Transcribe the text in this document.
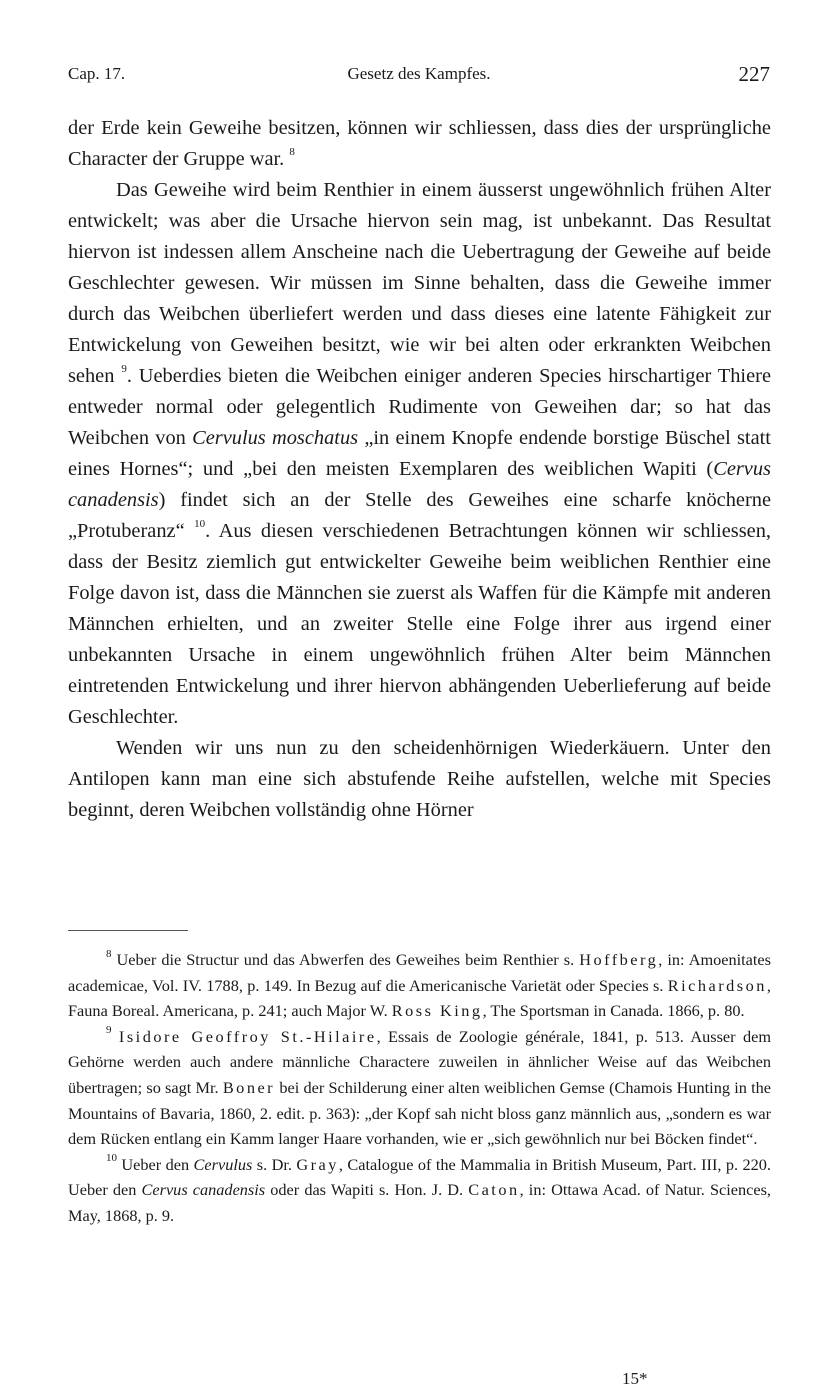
Cap. 17.	Gesetz des Kampfes.	227

der Erde kein Geweihe besitzen, können wir schliessen, dass dies der ursprüngliche Character der Gruppe war. $^8$

Das Geweihe wird beim Renthier in einem äusserst ungewöhnlich frühen Alter entwickelt; was aber die Ursache hiervon sein mag, ist unbekannt. Das Resultat hiervon ist indessen allem Anscheine nach die Uebertragung der Geweihe auf beide Geschlechter gewesen. Wir müssen im Sinne behalten, dass die Geweihe immer durch das Weibchen überliefert werden und dass dieses eine latente Fähigkeit zur Entwickelung von Geweihen besitzt, wie wir bei alten oder erkrankten Weibchen sehen $^9$. Ueberdies bieten die Weibchen einiger anderen Species hirschartiger Thiere entweder normal oder gelegentlich Rudimente von Geweihen dar; so hat das Weibchen von Cervulus moschatus „in einem Knopfe endende borstige Büschel statt eines Hornes“; und „bei den meisten Exemplaren des weiblichen Wapiti (Cervus canadensis) findet sich an der Stelle des Geweihes eine scharfe knöcherne „Protuberanz“ $^{10}$. Aus diesen verschiedenen Betrachtungen können wir schliessen, dass der Besitz ziemlich gut entwickelter Geweihe beim weiblichen Renthier eine Folge davon ist, dass die Männchen sie zuerst als Waffen für die Kämpfe mit anderen Männchen erhielten, und an zweiter Stelle eine Folge ihrer aus irgend einer unbekannten Ursache in einem ungewöhnlich frühen Alter beim Männchen eintretenden Entwickelung und ihrer hiervon abhängenden Ueberlieferung auf beide Geschlechter.

Wenden wir uns nun zu den scheidenhörnigen Wiederkäuern. Unter den Antilopen kann man eine sich abstufende Reihe aufstellen, welche mit Species beginnt, deren Weibchen vollständig ohne Hörner

$^8$ Ueber die Structur und das Abwerfen des Geweihes beim Renthier s. Hoffberg, in: Amoenitates academicae, Vol. IV. 1788, p. 149. In Bezug auf die Americanische Varietät oder Species s. Richardson, Fauna Boreal. Americana, p. 241; auch Major W. Ross King, The Sportsman in Canada. 1866, p. 80.

$^9$ Isidore Geoffroy St.-Hilaire, Essais de Zoologie générale, 1841, p. 513. Ausser dem Gehörne werden auch andere männliche Charactere zuweilen in ähnlicher Weise auf das Weibchen übertragen; so sagt Mr. Boner bei der Schilderung einer alten weiblichen Gemse (Chamois Hunting in the Mountains of Bavaria, 1860, 2. edit. p. 363): „der Kopf sah nicht bloss ganz männlich aus, „sondern es war dem Rücken entlang ein Kamm langer Haare vorhanden, wie er „sich gewöhnlich nur bei Böcken findet“.

$^{10}$ Ueber den Cervulus s. Dr. Gray, Catalogue of the Mammalia in British Museum, Part. III, p. 220. Ueber den Cervus canadensis oder das Wapiti s. Hon. J. D. Caton, in: Ottawa Acad. of Natur. Sciences, May, 1868, p. 9.

15*
